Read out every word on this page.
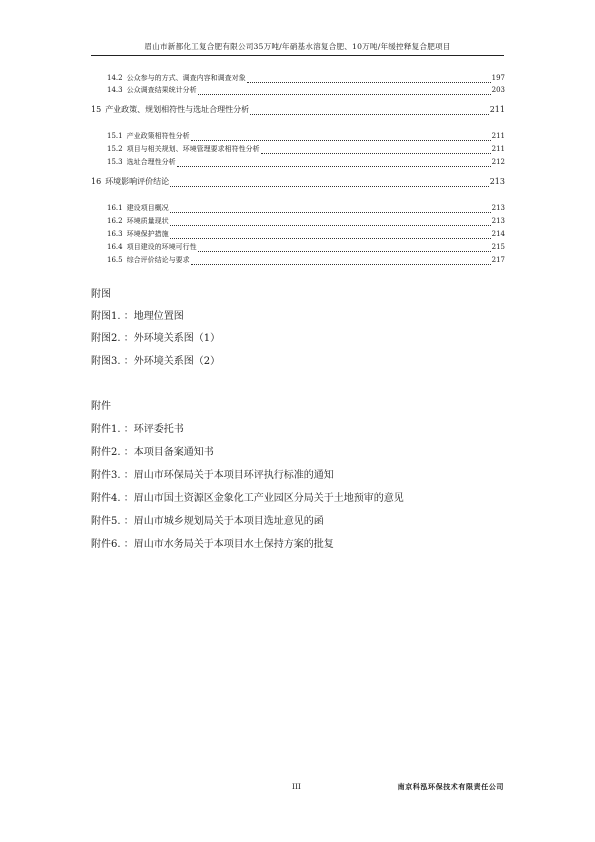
眉山市新都化工复合肥有限公司35万吨/年硝基水溶复合肥、10万吨/年缓控释复合肥项目
14.2 公众参与的方式、调查内容和调查对象	197
14.3 公众调查结果统计分析	203
15 产业政策、规划相符性与选址合理性分析	211
15.1 产业政策相符性分析	211
15.2 项目与相关规划、环境管理要求相符性分析	211
15.3 选址合理性分析	212
16 环境影响评价结论	213
16.1 建设项目概况	213
16.2 环境质量现状	213
16.3 环境保护措施	214
16.4 项目建设的环境可行性	215
16.5 综合评价结论与要求	217
附图
附图1. ：地理位置图
附图2. ：外环境关系图（1）
附图3. ：外环境关系图（2）
附件
附件1. ：环评委托书
附件2. ：本项目备案通知书
附件3. ：眉山市环保局关于本项目环评执行标准的通知
附件4. ：眉山市国土资源区金象化工产业园区分局关于土地预审的意见
附件5. ：眉山市城乡规划局关于本项目选址意见的函
附件6. ：眉山市水务局关于本项目水土保持方案的批复
III	南京科泓环保技术有限责任公司
